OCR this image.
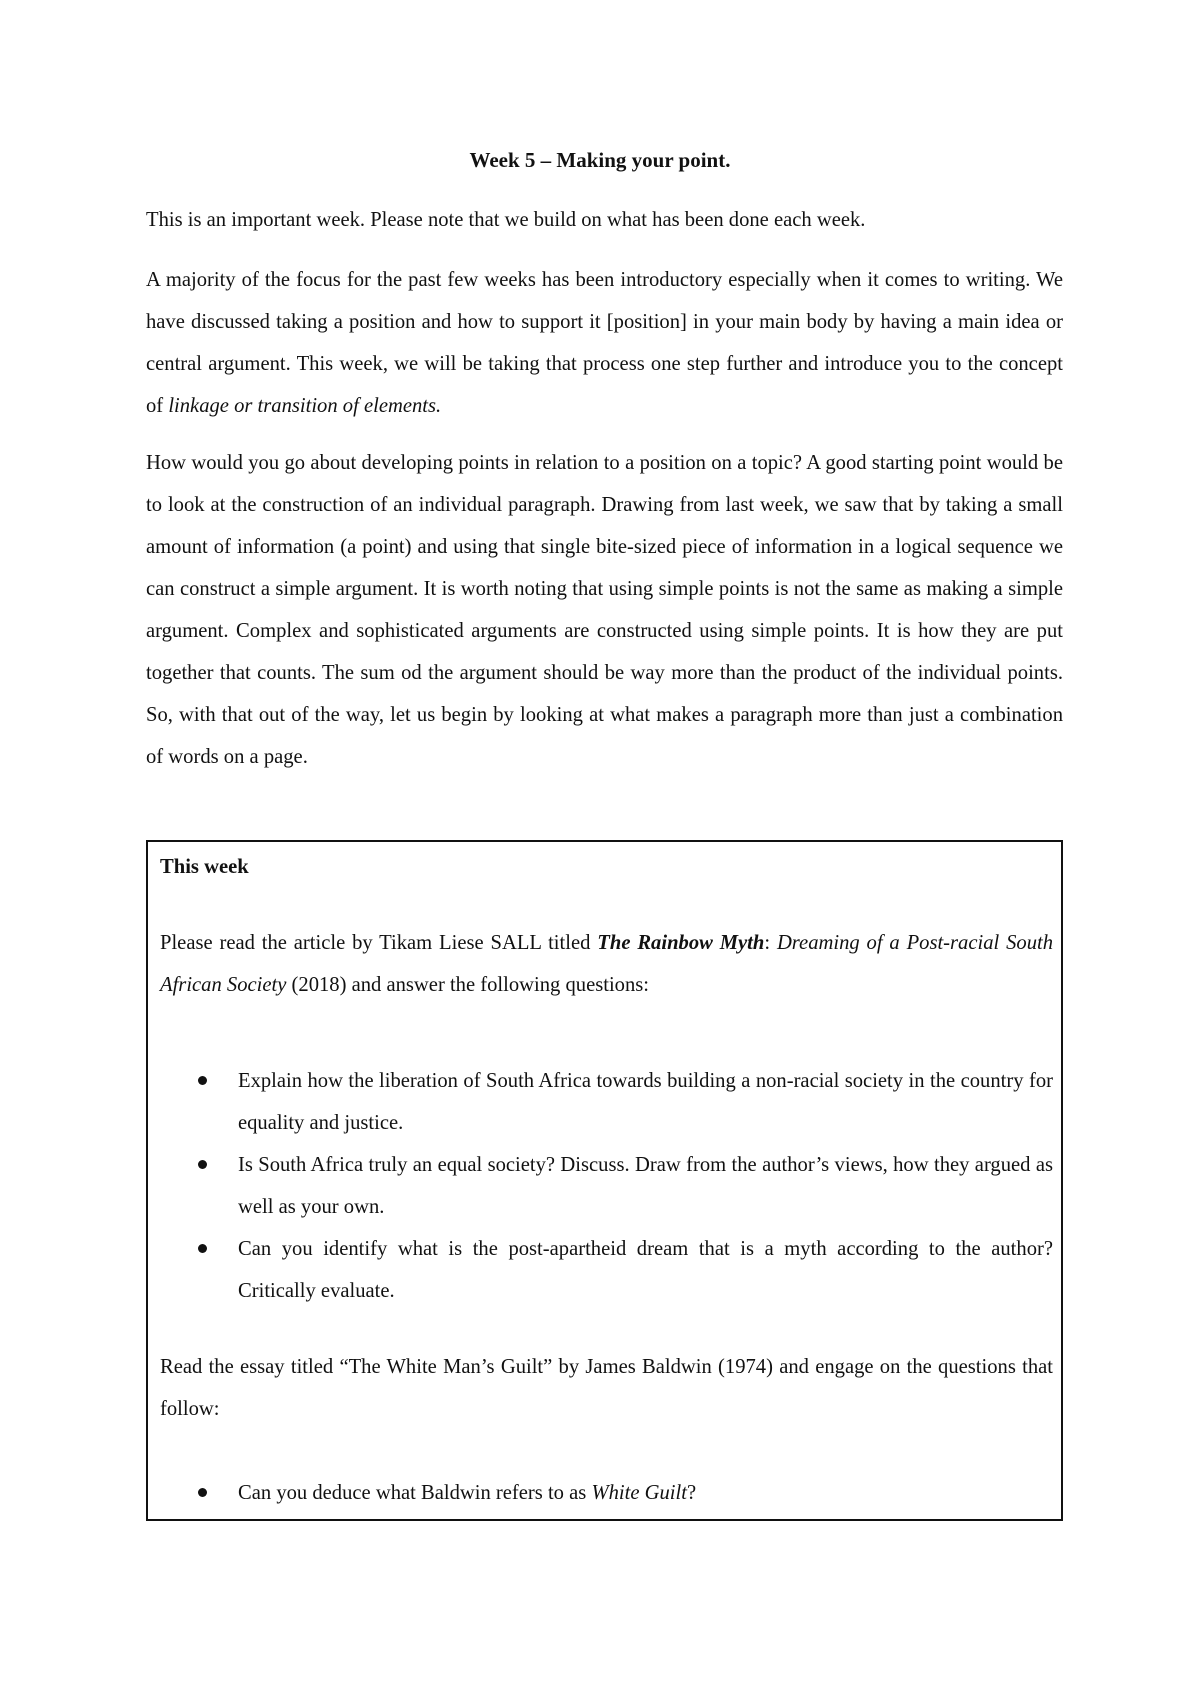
Week 5 – Making your point.

This is an important week. Please note that we build on what has been done each week.

A majority of the focus for the past few weeks has been introductory especially when it comes to writing. We have discussed taking a position and how to support it [position] in your main body by having a main idea or central argument. This week, we will be taking that process one step further and introduce you to the concept of linkage or transition of elements.

How would you go about developing points in relation to a position on a topic? A good starting point would be to look at the construction of an individual paragraph. Drawing from last week, we saw that by taking a small amount of information (a point) and using that single bite-sized piece of information in a logical sequence we can construct a simple argument. It is worth noting that using simple points is not the same as making a simple argument. Complex and sophisticated arguments are constructed using simple points. It is how they are put together that counts. The sum od the argument should be way more than the product of the individual points. So, with that out of the way, let us begin by looking at what makes a paragraph more than just a combination of words on a page.

This week

Please read the article by Tikam Liese SALL titled The Rainbow Myth: Dreaming of a Post-racial South African Society (2018) and answer the following questions:

Explain how the liberation of South Africa towards building a non-racial society in the country for equality and justice.
Is South Africa truly an equal society? Discuss. Draw from the author’s views, how they argued as well as your own.
Can you identify what is the post-apartheid dream that is a myth according to the author? Critically evaluate.

Read the essay titled “The White Man’s Guilt” by James Baldwin (1974) and engage on the questions that follow:

Can you deduce what Baldwin refers to as White Guilt?
